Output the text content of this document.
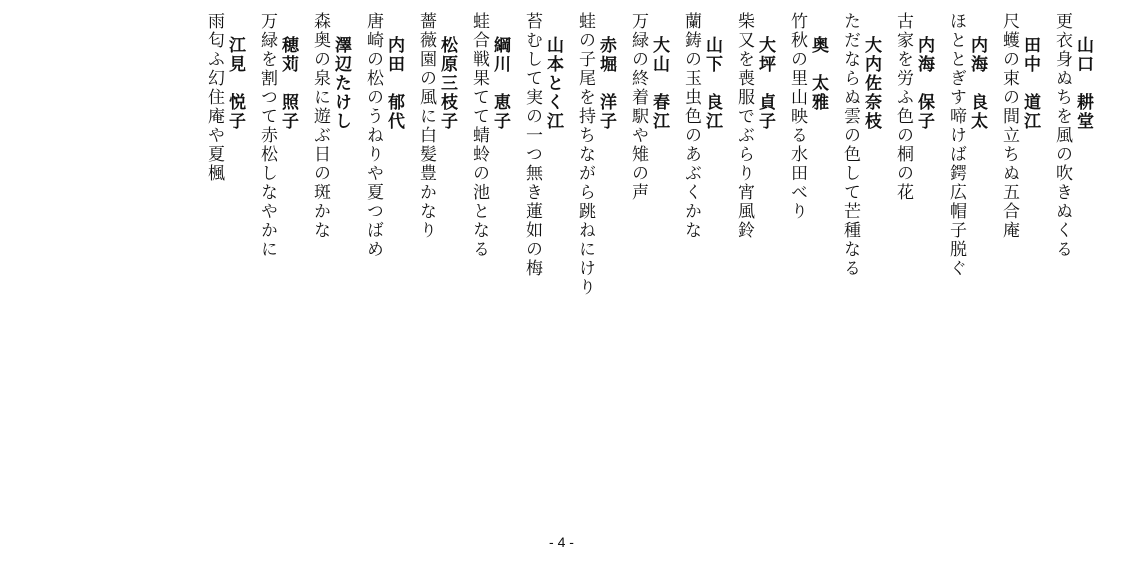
山口　耕堂
更衣身ぬちを風の吹きぬくる
田中　道江
尺蠖の束の間立ちぬ五合庵
内海　良太
ほととぎす啼けば鍔広帽子脱ぐ
内海　保子
古家を労ふ色の桐の花
大内佐奈枝
ただならぬ雲の色して芒種なる
奥　太雅
竹秋の里山映る水田べり
大坪　貞子
柴又を喪服でぶらり宵風鈴
山下　良江
蘭鋳の玉虫色のあぶくかな
大山　春江
万緑の終着駅や雉の声
赤堀　洋子
蛙の子尾を持ちながら跳ねにけり
山本とく江
苔むして実の一つ無き蓮如の梅
綱川　恵子
蛙合戦果てて蜻蛉の池となる
松原三枝子
薔薇園の風に白髪豊かなり
内田　郁代
唐崎の松のうねりや夏つばめ
澤辺たけし
森奥の泉に遊ぶ日の斑かな
穂苅　照子
万緑を割つて赤松しなやかに
江見　悦子
雨匂ふ幻住庵や夏楓
- 4 -
